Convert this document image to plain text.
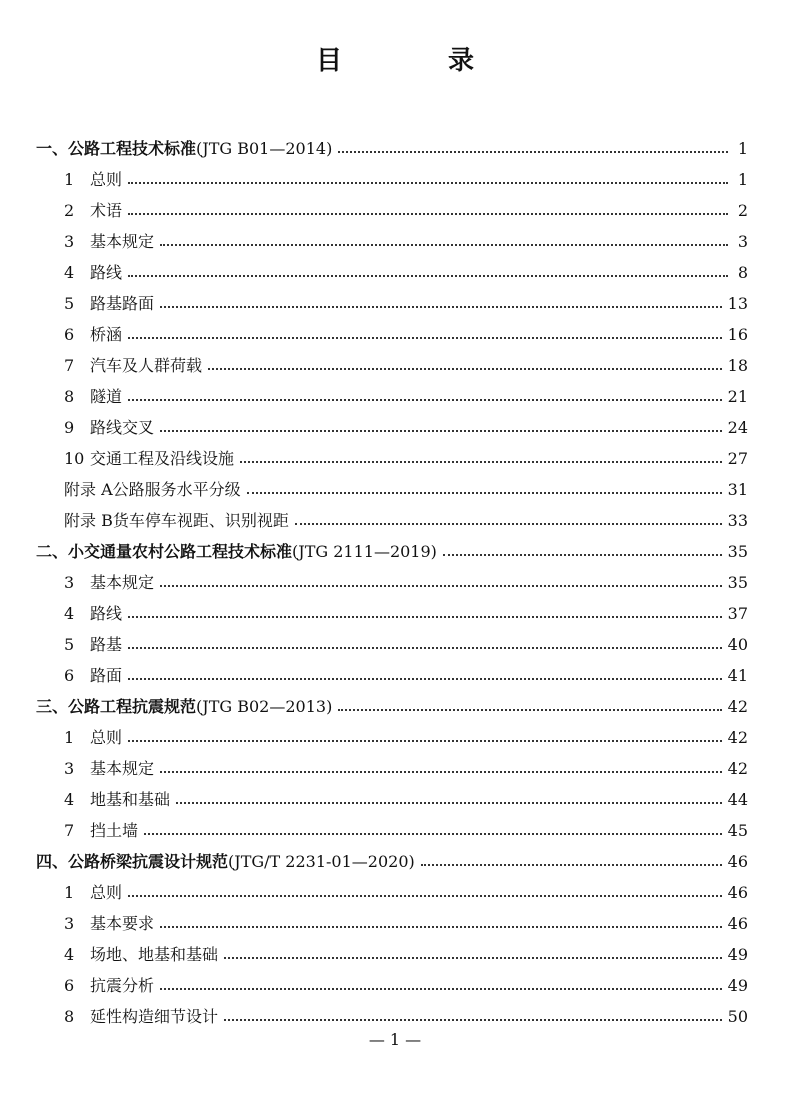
目　录
一、 公路工程技术标准 (JTG B01—2014)	1
1 总则	1
2 术语	2
3 基本规定	3
4 路线	8
5 路基路面	13
6 桥涵	16
7 汽车及人群荷载	18
8 隧道	21
9 路线交叉	24
10 交通工程及沿线设施	27
附录 A 公路服务水平分级	31
附录 B 货车停车视距、识别视距	33
二、 小交通量农村公路工程技术标准 (JTG 2111—2019)	35
3 基本规定	35
4 路线	37
5 路基	40
6 路面	41
三、 公路工程抗震规范 (JTG B02—2013)	42
1 总则	42
3 基本规定	42
4 地基和基础	44
7 挡土墙	45
四、 公路桥梁抗震设计规范 (JTG/T 2231-01—2020)	46
1 总则	46
3 基本要求	46
4 场地、地基和基础	49
6 抗震分析	49
8 延性构造细节设计	50
— 1 —
